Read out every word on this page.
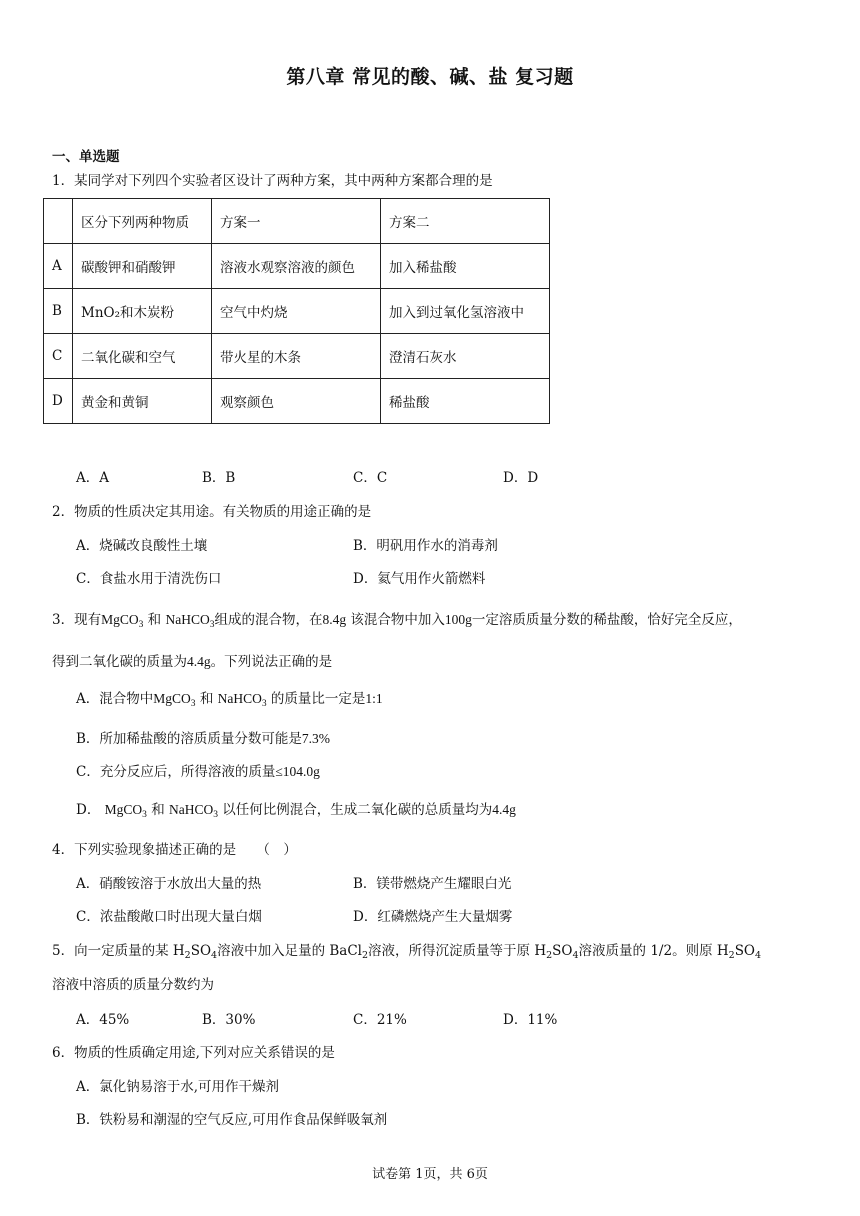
第八章 常见的酸、碱、盐 复习题
一、单选题
1．某同学对下列四个实验者区设计了两种方案，其中两种方案都合理的是
	区分下列两种物质	方案一	方案二
A	碳酸钾和硝酸钾	溶液水观察溶液的颜色	加入稀盐酸
B	MnO₂和木炭粉	空气中灼烧	加入到过氧化氢溶液中
C	二氧化碳和空气	带火星的木条	澄清石灰水
D	黄金和黄铜	观察颜色	稀盐酸
A．A	B．B	C．C	D．D
2．物质的性质决定其用途。有关物质的用途正确的是
A．烧碱改良酸性土壤	B．明矾用作水的消毒剂
C．食盐水用于清洗伤口	D．氦气用作火箭燃料
3．现有MgCO$_3$ 和 NaHCO$_3$组成的混合物，在8.4g 该混合物中加入100g一定溶质质量分数的稀盐酸，恰好完全反应，
得到二氧化碳的质量为4.4g。下列说法正确的是
A．混合物中MgCO$_3$ 和 NaHCO$_3$ 的质量比一定是1:1
B．所加稀盐酸的溶质质量分数可能是7.3%
C．充分反应后，所得溶液的质量≤104.0g
D． MgCO$_3$ 和 NaHCO$_3$ 以任何比例混合，生成二氧化碳的总质量均为4.4g
4．下列实验现象描述正确的是　　（　）
A．硝酸铵溶于水放出大量的热	B．镁带燃烧产生耀眼白光
C．浓盐酸敞口时出现大量白烟	D．红磷燃烧产生大量烟雾
5．向一定质量的某 $H_2SO_4$溶液中加入足量的 BaCl$_2$溶液，所得沉淀质量等于原 $H_2SO_4$溶液质量的 1/2。则原 $H_2SO_4$
溶液中溶质的质量分数约为
A．45%	B．30%	C．21%	D．11%
6．物质的性质确定用途,下列对应关系错误的是
A．氯化钠易溶于水,可用作干燥剂
B．铁粉易和潮湿的空气反应,可用作食品保鲜吸氧剂
试卷第 1页，共 6页
